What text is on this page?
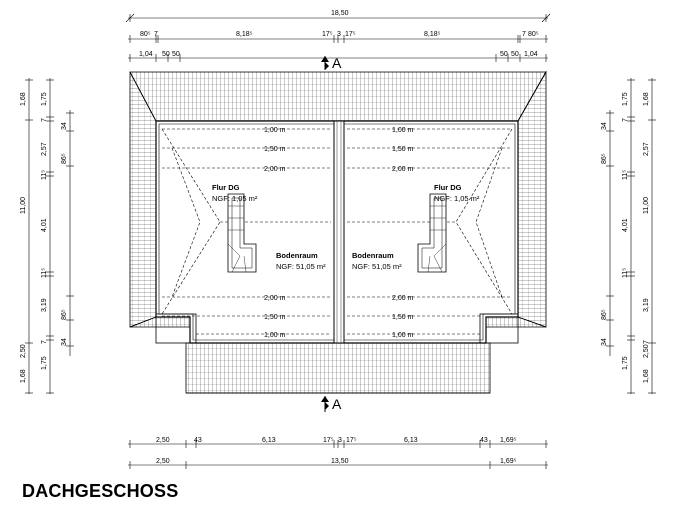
Flur DG
NGF: 1,05 m²
Bodenraum
NGF: 51,05 m²
Flur DG
NGF: 1,05 m²
Bodenraum
NGF: 51,05 m²
1,00 m
1,50 m
2,00 m
2,00 m
1,50 m
1,00 m
1,00 m
1,50 m
2,00 m
2,00 m
1,50 m
1,00 m
A
A
18,50
80⁵ 7	8,18⁵	17⁵ 3 17⁵	8,18⁵	7 80⁵
1,04 50 50	50 50 1,04
2,50	43	6,13	17⁵ 3 17⁵	6,13	43 1,69⁵
2,50	13,50	1,69⁵
1,68
11,00
2,50
1,68
1,75
7
2,57
11⁵
4,01
11⁵
3,19
7
1,75
34
86⁵
86⁵
34
1,75
7
34
86⁵
1,68
2,57
11⁵
4,01
11,00
11⁵
3,19
86⁵
34	7
1,75
2,50
1,68
DACHGESCHOSS
